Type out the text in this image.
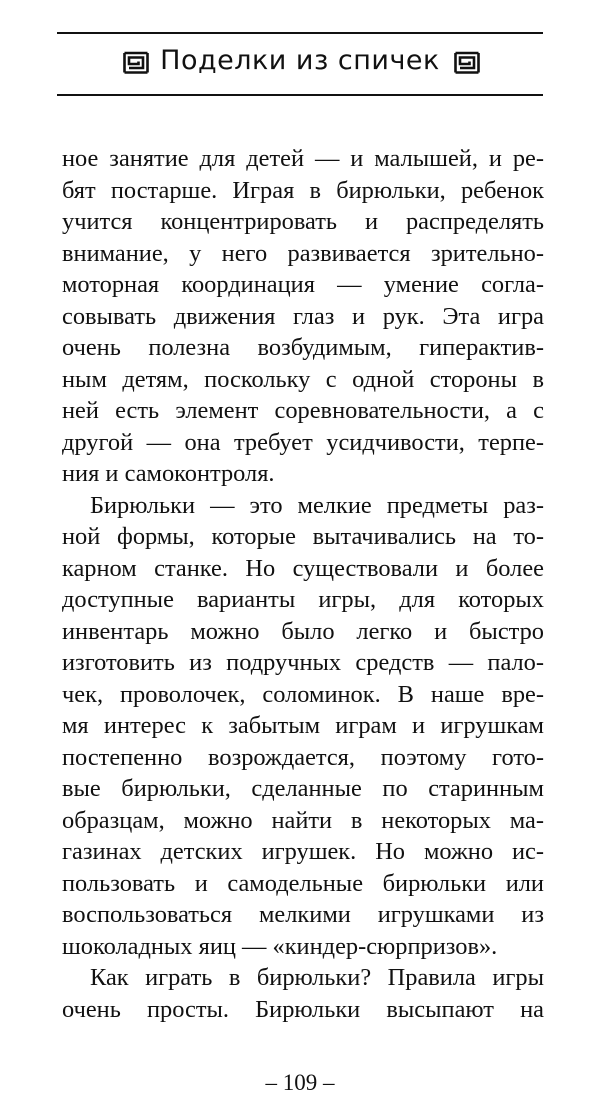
Поделки из спичек
ное занятие для детей — и малышей, и ре-
бят постарше. Играя в бирюльки, ребенок
учится концентрировать и распределять
внимание, у него развивается зрительно-
моторная координация — умение согла-
совывать движения глаз и рук. Эта игра
очень полезна возбудимым, гиперактив-
ным детям, поскольку с одной стороны в
ней есть элемент соревновательности, а с
другой — она требует усидчивости, терпе-
ния и самоконтроля.
Бирюльки — это мелкие предметы раз-
ной формы, которые вытачивались на то-
карном станке. Но существовали и более
доступные варианты игры, для которых
инвентарь можно было легко и быстро
изготовить из подручных средств — пало-
чек, проволочек, соломинок. В наше вре-
мя интерес к забытым играм и игрушкам
постепенно возрождается, поэтому гото-
вые бирюльки, сделанные по старинным
образцам, можно найти в некоторых ма-
газинах детских игрушек. Но можно ис-
пользовать и самодельные бирюльки или
воспользоваться мелкими игрушками из
шоколадных яиц — «киндер-сюрпризов».
Как играть в бирюльки? Правила игры
очень просты. Бирюльки высыпают на
– 109 –
